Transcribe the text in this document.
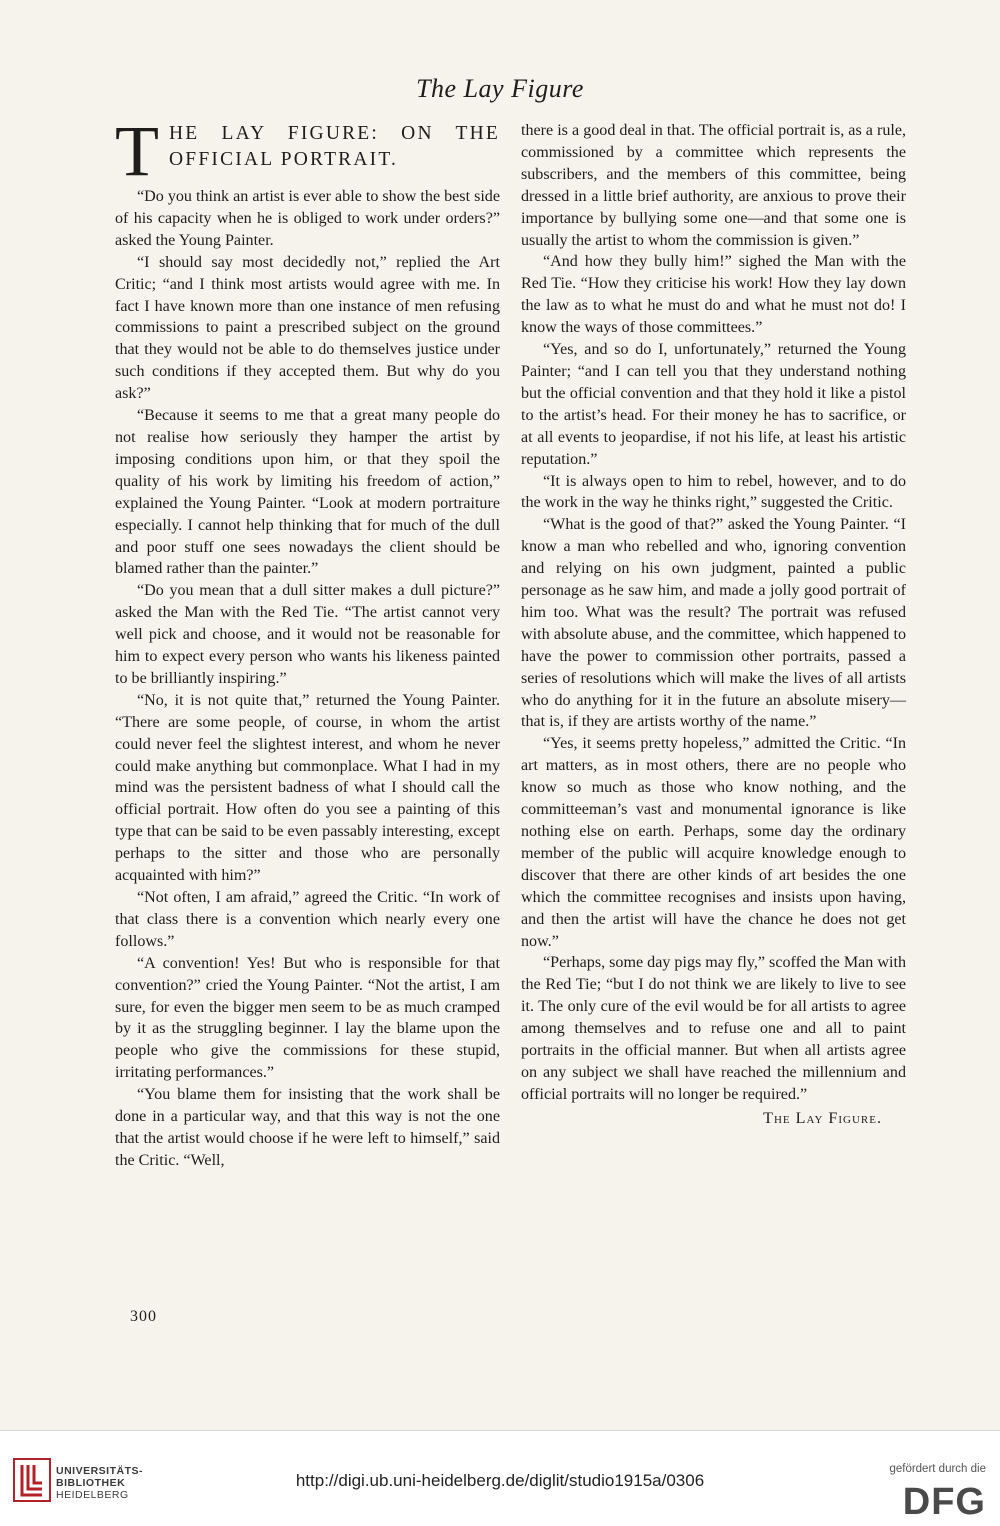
The Lay Figure
T HE LAY FIGURE: ON THE
OFFICIAL PORTRAIT.

“Do you think an artist is ever able to show the best side of his capacity when he is obliged to work under orders?” asked the Young Painter.

“I should say most decidedly not,” replied the Art Critic; “and I think most artists would agree with me. In fact I have known more than one instance of men refusing commissions to paint a prescribed subject on the ground that they would not be able to do themselves justice under such conditions if they accepted them. But why do you ask?”

“Because it seems to me that a great many people do not realise how seriously they hamper the artist by imposing conditions upon him, or that they spoil the quality of his work by limiting his freedom of action,” explained the Young Painter. “Look at modern portraiture especially. I cannot help thinking that for much of the dull and poor stuff one sees nowadays the client should be blamed rather than the painter.”

“Do you mean that a dull sitter makes a dull picture?” asked the Man with the Red Tie. “The artist cannot very well pick and choose, and it would not be reasonable for him to expect every person who wants his likeness painted to be brilliantly inspiring.”

“No, it is not quite that,” returned the Young Painter. “There are some people, of course, in whom the artist could never feel the slightest interest, and whom he never could make anything but commonplace. What I had in my mind was the persistent badness of what I should call the official portrait. How often do you see a painting of this type that can be said to be even passably interesting, except perhaps to the sitter and those who are personally acquainted with him?”

“Not often, I am afraid,” agreed the Critic. “In work of that class there is a convention which nearly every one follows.”

“A convention! Yes! But who is responsible for that convention?” cried the Young Painter. “Not the artist, I am sure, for even the bigger men seem to be as much cramped by it as the struggling beginner. I lay the blame upon the people who give the commissions for these stupid, irritating performances.”

“You blame them for insisting that the work shall be done in a particular way, and that this way is not the one that the artist would choose if he were left to himself,” said the Critic. “Well,

there is a good deal in that. The official portrait is, as a rule, commissioned by a committee which represents the subscribers, and the members of this committee, being dressed in a little brief authority, are anxious to prove their importance by bullying some one—and that some one is usually the artist to whom the commission is given.”

“And how they bully him!” sighed the Man with the Red Tie. “How they criticise his work! How they lay down the law as to what he must do and what he must not do! I know the ways of those committees.”

“Yes, and so do I, unfortunately,” returned the Young Painter; “and I can tell you that they understand nothing but the official convention and that they hold it like a pistol to the artist’s head. For their money he has to sacrifice, or at all events to jeopardise, if not his life, at least his artistic reputation.”

“It is always open to him to rebel, however, and to do the work in the way he thinks right,” suggested the Critic.

“What is the good of that?” asked the Young Painter. “I know a man who rebelled and who, ignoring convention and relying on his own judgment, painted a public personage as he saw him, and made a jolly good portrait of him too. What was the result? The portrait was refused with absolute abuse, and the committee, which happened to have the power to commission other portraits, passed a series of resolutions which will make the lives of all artists who do anything for it in the future an absolute misery—that is, if they are artists worthy of the name.”

“Yes, it seems pretty hopeless,” admitted the Critic. “In art matters, as in most others, there are no people who know so much as those who know nothing, and the committeeman’s vast and monumental ignorance is like nothing else on earth. Perhaps, some day the ordinary member of the public will acquire knowledge enough to discover that there are other kinds of art besides the one which the committee recognises and insists upon having, and then the artist will have the chance he does not get now.”

“Perhaps, some day pigs may fly,” scoffed the Man with the Red Tie; “but I do not think we are likely to live to see it. The only cure of the evil would be for all artists to agree among themselves and to refuse one and all to paint portraits in the official manner. But when all artists agree on any subject we shall have reached the millennium and official portraits will no longer be required.”

The Lay Figure.
300
UNIVERSITÄTS-
BIBLIOTHEK
HEIDELBERG
http://digi.ub.uni-heidelberg.de/diglit/studio1915a/0306
gefördert durch die
DFG
